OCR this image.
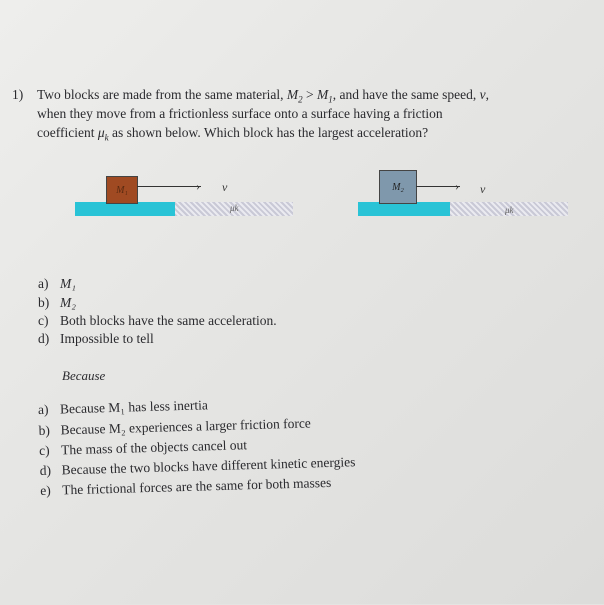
1) Two blocks are made from the same material, $M_2 > M_1$, and have the same speed, v,
when they move from a frictionless surface onto a surface having a friction
coefficient $\mu_k$ as shown below. Which block has the largest acceleration?
M₁	› v
μk
M₂	› v
μk
a) M₁
b) M₂
c) Both blocks have the same acceleration.
d) Impossible to tell
Because
a) Because M₁ has less inertia
b) Because M₂ experiences a larger friction force
c) The mass of the objects cancel out
d) Because the two blocks have different kinetic energies
e) The frictional forces are the same for both masses
